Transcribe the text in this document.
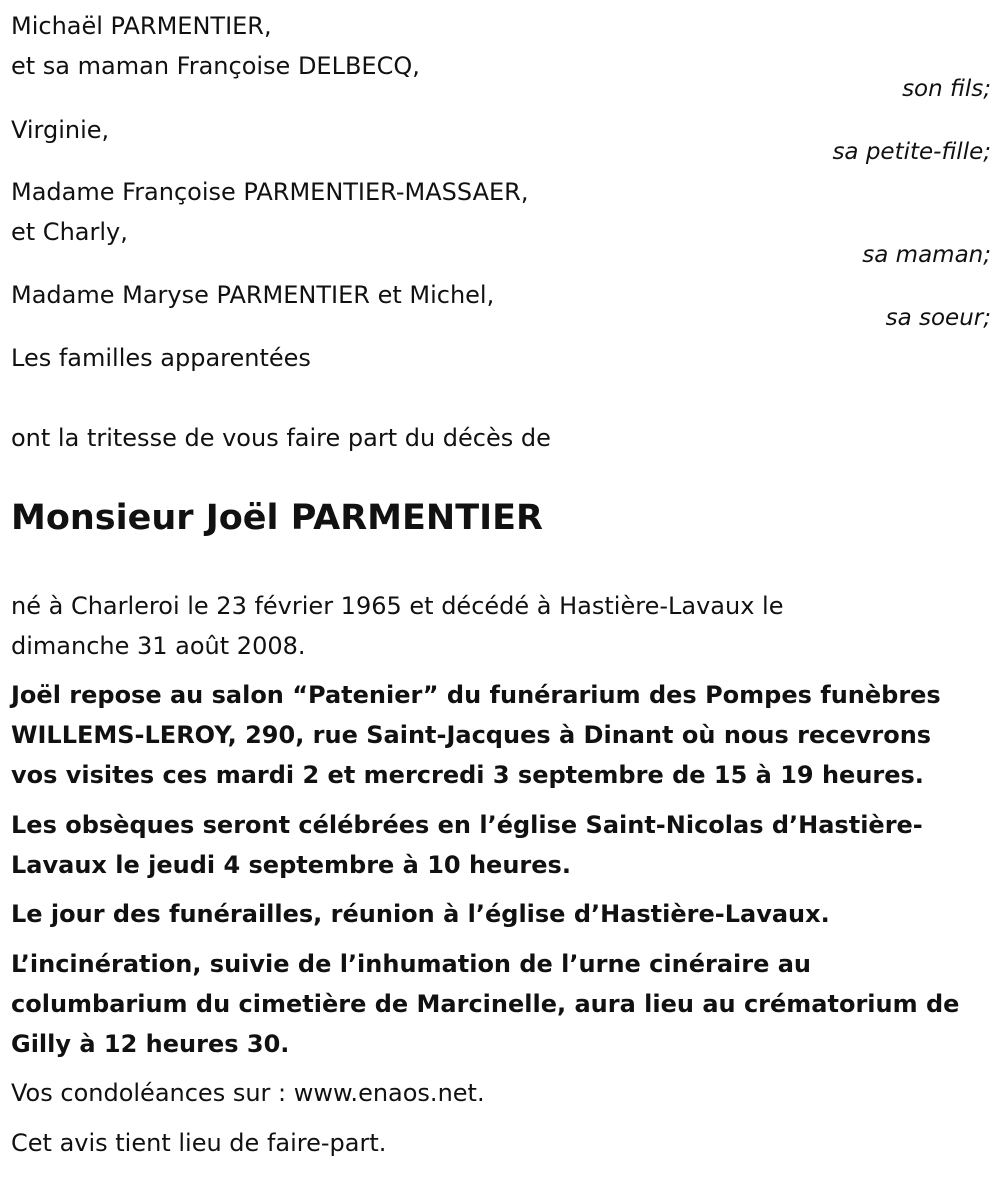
Michaël PARMENTIER,
et sa maman Françoise DELBECQ,
son fils;
Virginie,
sa petite-fille;
Madame Françoise PARMENTIER-MASSAER,
et Charly,
sa maman;
Madame Maryse PARMENTIER et Michel,
sa soeur;
Les familles apparentées
ont la tritesse de vous faire part du décès de
Monsieur Joël PARMENTIER
né à Charleroi le 23 février 1965 et décédé à Hastière-Lavaux le
dimanche 31 août 2008.
Joël repose au salon “Patenier” du funérarium des Pompes funèbres
WILLEMS-LEROY, 290, rue Saint-Jacques à Dinant où nous recevrons
vos visites ces mardi 2 et mercredi 3 septembre de 15 à 19 heures.
Les obsèques seront célébrées en l’église Saint-Nicolas d’Hastière-
Lavaux le jeudi 4 septembre à 10 heures.
Le jour des funérailles, réunion à l’église d’Hastière-Lavaux.
L’incinération, suivie de l’inhumation de l’urne cinéraire au
columbarium du cimetière de Marcinelle, aura lieu au crématorium de
Gilly à 12 heures 30.
Vos condoléances sur : www.enaos.net.
Cet avis tient lieu de faire-part.
